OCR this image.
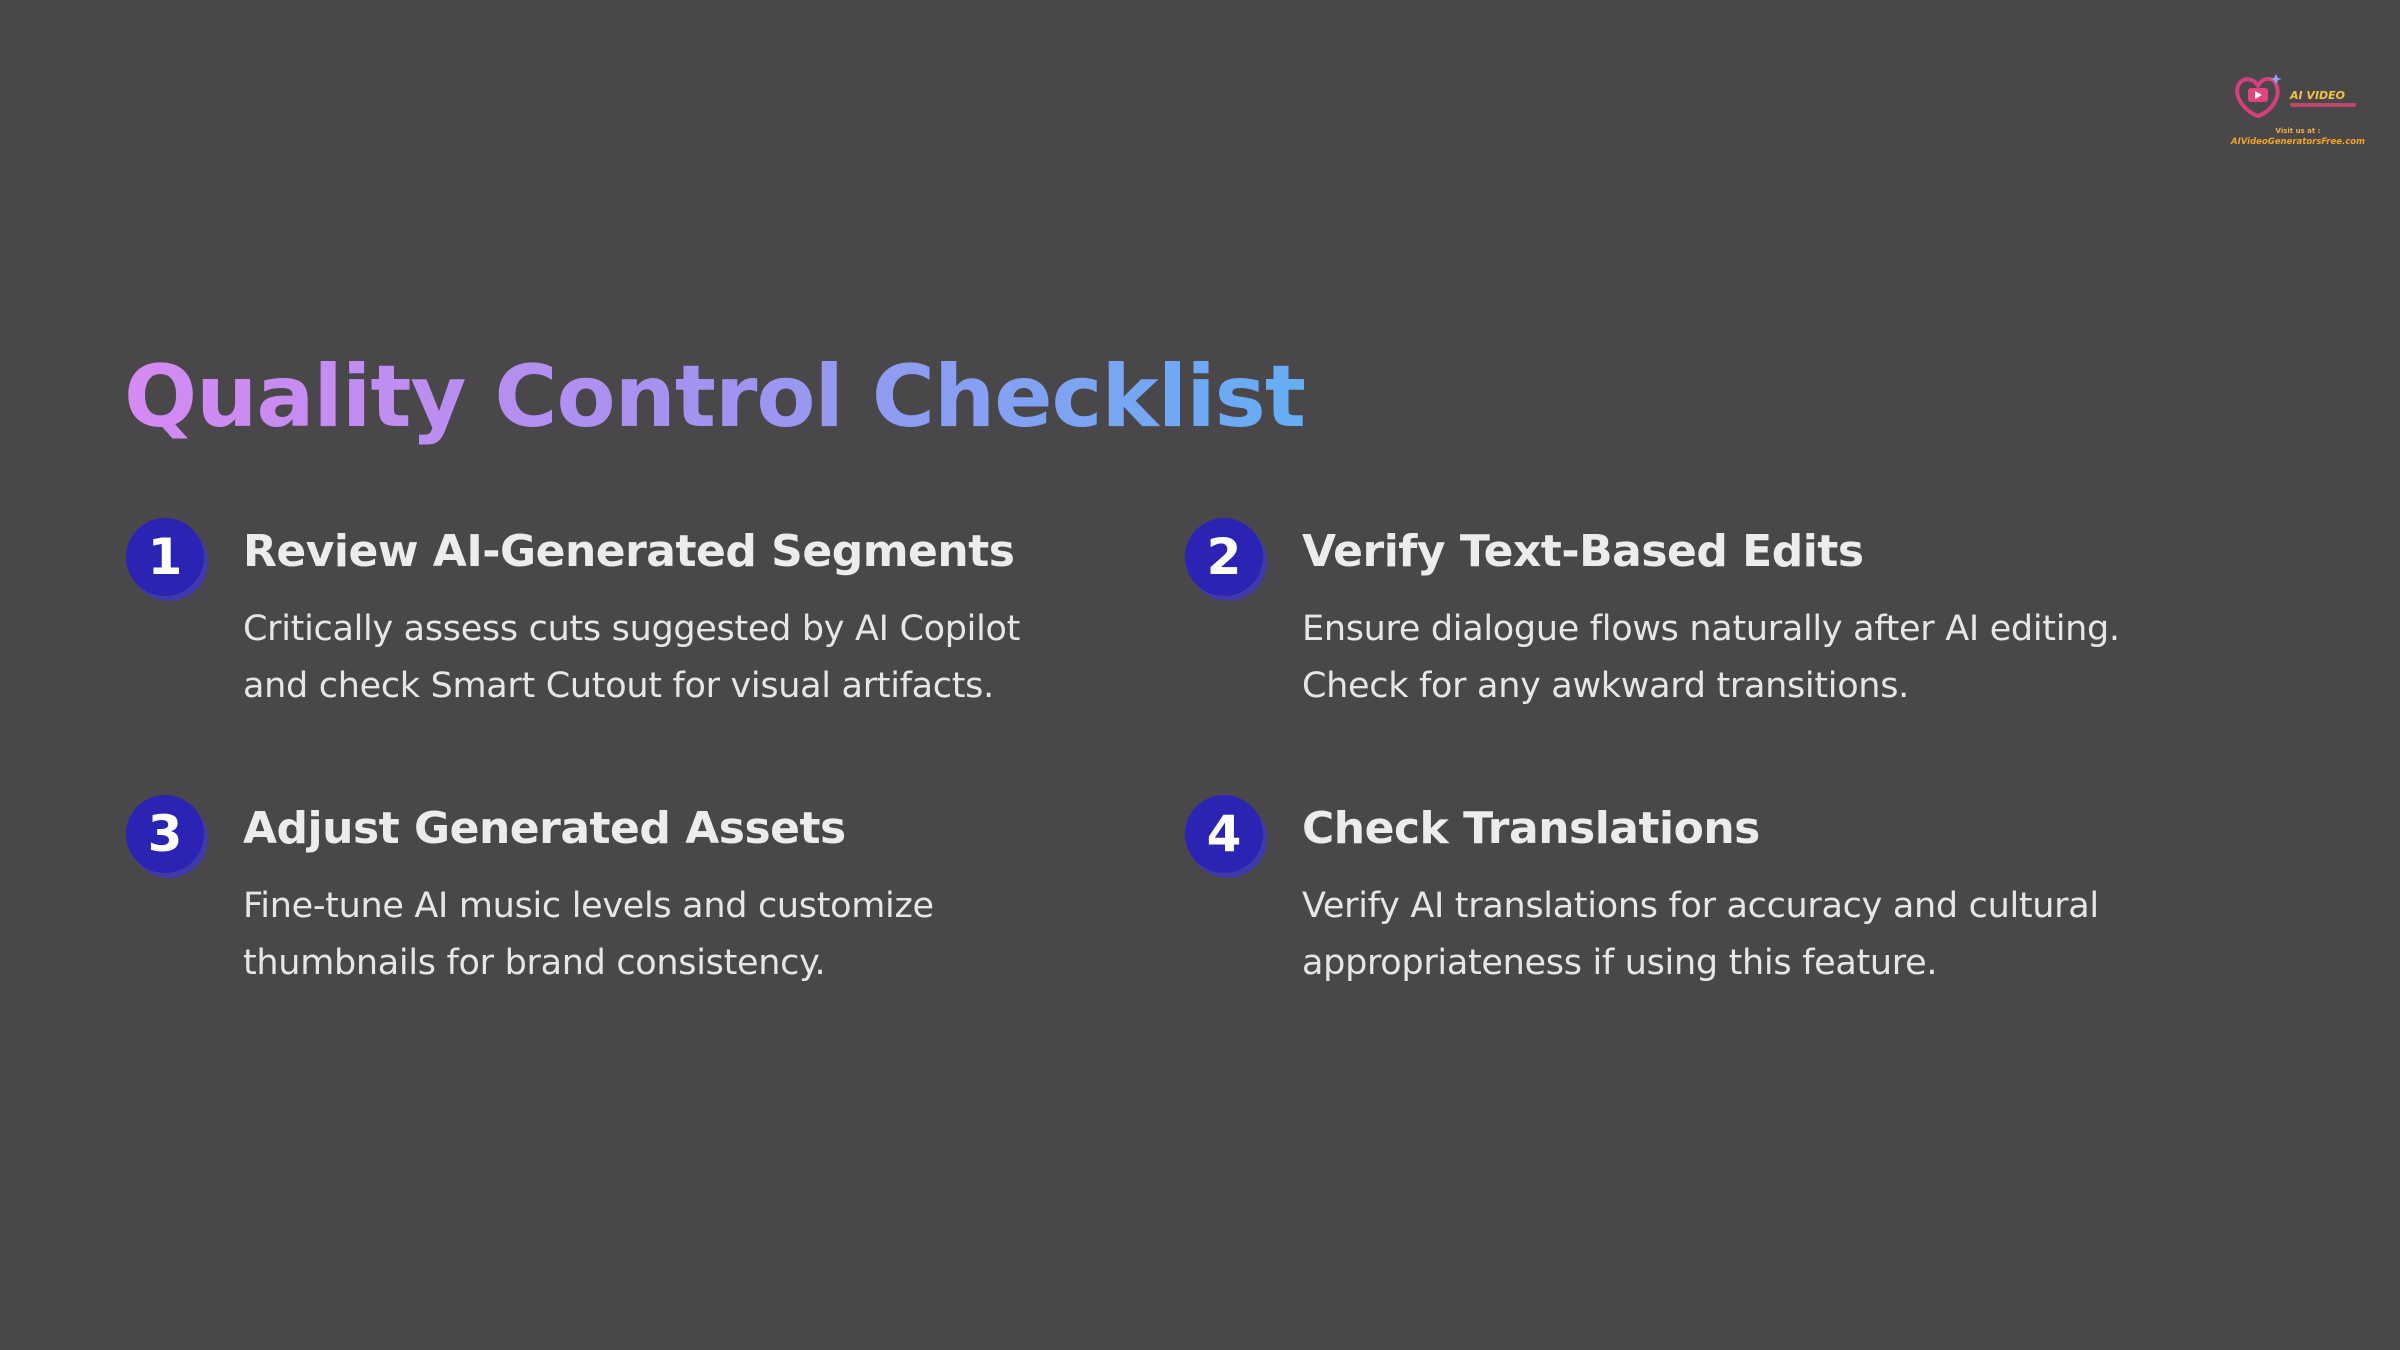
AI VIDEO
Visit us at :
AIVideoGeneratorsFree.com
Quality Control Checklist
1	Review AI-Generated Segments

Critically assess cuts suggested by AI Copilot and check Smart Cutout for visual artifacts.

2	Verify Text-Based Edits

Ensure dialogue flows naturally after AI editing. Check for any awkward transitions.

3	Adjust Generated Assets

Fine-tune AI music levels and customize thumbnails for brand consistency.

4	Check Translations

Verify AI translations for accuracy and cultural appropriateness if using this feature.
